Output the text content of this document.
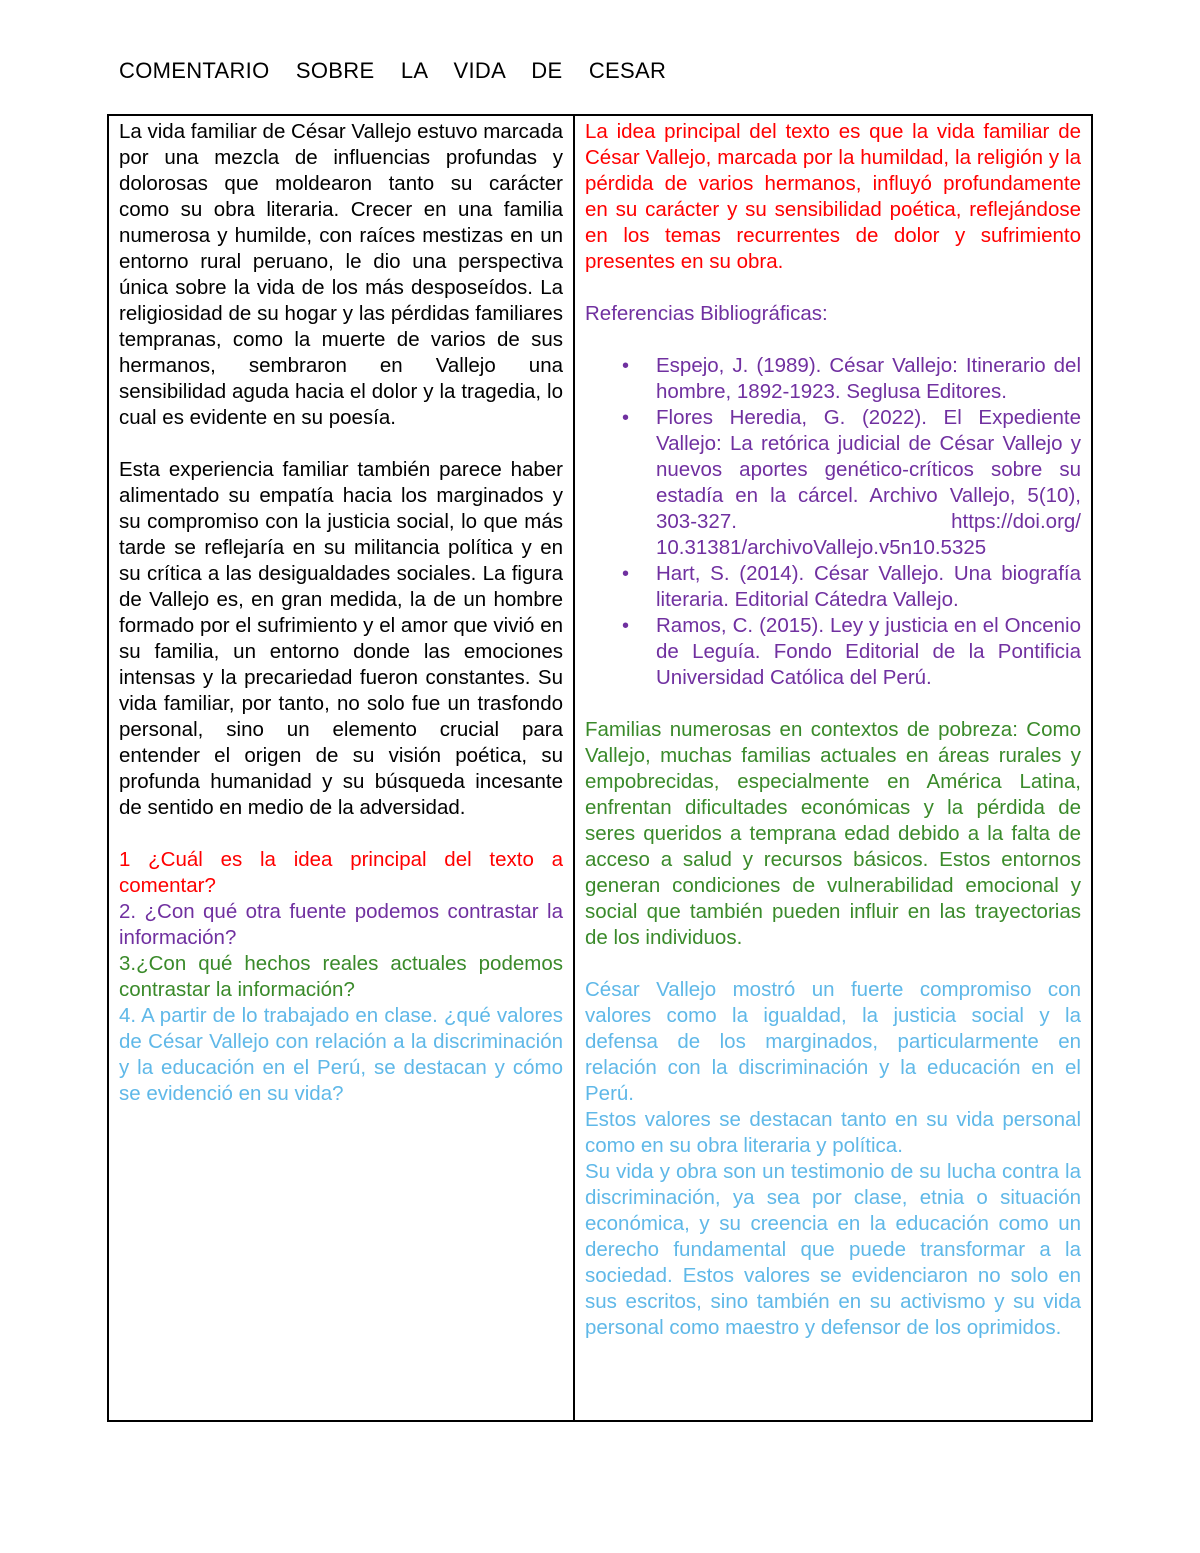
COMENTARIO SOBRE LA VIDA DE CESAR

La vida familiar de César Vallejo estuvo marcada por una mezcla de influencias profundas y dolorosas que moldearon tanto su carácter como su obra literaria. Crecer en una familia numerosa y humilde, con raíces mestizas en un entorno rural peruano, le dio una perspectiva única sobre la vida de los más desposeídos. La religiosidad de su hogar y las pérdidas familiares tempranas, como la muerte de varios de sus hermanos, sembraron en Vallejo una sensibilidad aguda hacia el dolor y la tragedia, lo cual es evidente en su poesía.

Esta experiencia familiar también parece haber alimentado su empatía hacia los marginados y su compromiso con la justicia social, lo que más tarde se reflejaría en su militancia política y en su crítica a las desigualdades sociales. La figura de Vallejo es, en gran medida, la de un hombre formado por el sufrimiento y el amor que vivió en su familia, un entorno donde las emociones intensas y la precariedad fueron constantes. Su vida familiar, por tanto, no solo fue un trasfondo personal, sino un elemento crucial para entender el origen de su visión poética, su profunda humanidad y su búsqueda incesante de sentido en medio de la adversidad.

1 ¿Cuál es la idea principal del texto a comentar?

2. ¿Con qué otra fuente podemos contrastar la información?

3.¿Con qué hechos reales actuales podemos contrastar la información?

4. A partir de lo trabajado en clase. ¿qué valores de César Vallejo con relación a la discriminación y la educación en el Perú, se destacan y cómo se evidenció en su vida?

La idea principal del texto es que la vida familiar de César Vallejo, marcada por la humildad, la religión y la pérdida de varios hermanos, influyó profundamente en su carácter y su sensibilidad poética, reflejándose en los temas recurrentes de dolor y sufrimiento presentes en su obra.

Referencias Bibliográficas:

• Espejo, J. (1989). César Vallejo: Itinerario del hombre, 1892-1923. Seglusa Editores.
• Flores Heredia, G. (2022). El Expediente Vallejo: La retórica judicial de César Vallejo y nuevos aportes genético-críticos sobre su estadía en la cárcel. Archivo Vallejo, 5(10), 303-327. https://doi.org/ 10.31381/archivoVallejo.v5n10.5325
• Hart, S. (2014). César Vallejo. Una biografía literaria. Editorial Cátedra Vallejo.
• Ramos, C. (2015). Ley y justicia en el Oncenio de Leguía. Fondo Editorial de la Pontificia Universidad Católica del Perú.

Familias numerosas en contextos de pobreza: Como Vallejo, muchas familias actuales en áreas rurales y empobrecidas, especialmente en América Latina, enfrentan dificultades económicas y la pérdida de seres queridos a temprana edad debido a la falta de acceso a salud y recursos básicos. Estos entornos generan condiciones de vulnerabilidad emocional y social que también pueden influir en las trayectorias de los individuos.

César Vallejo mostró un fuerte compromiso con valores como la igualdad, la justicia social y la defensa de los marginados, particularmente en relación con la discriminación y la educación en el Perú.

Estos valores se destacan tanto en su vida personal como en su obra literaria y política.

Su vida y obra son un testimonio de su lucha contra la discriminación, ya sea por clase, etnia o situación económica, y su creencia en la educación como un derecho fundamental que puede transformar a la sociedad. Estos valores se evidenciaron no solo en sus escritos, sino también en su activismo y su vida personal como maestro y defensor de los oprimidos.
